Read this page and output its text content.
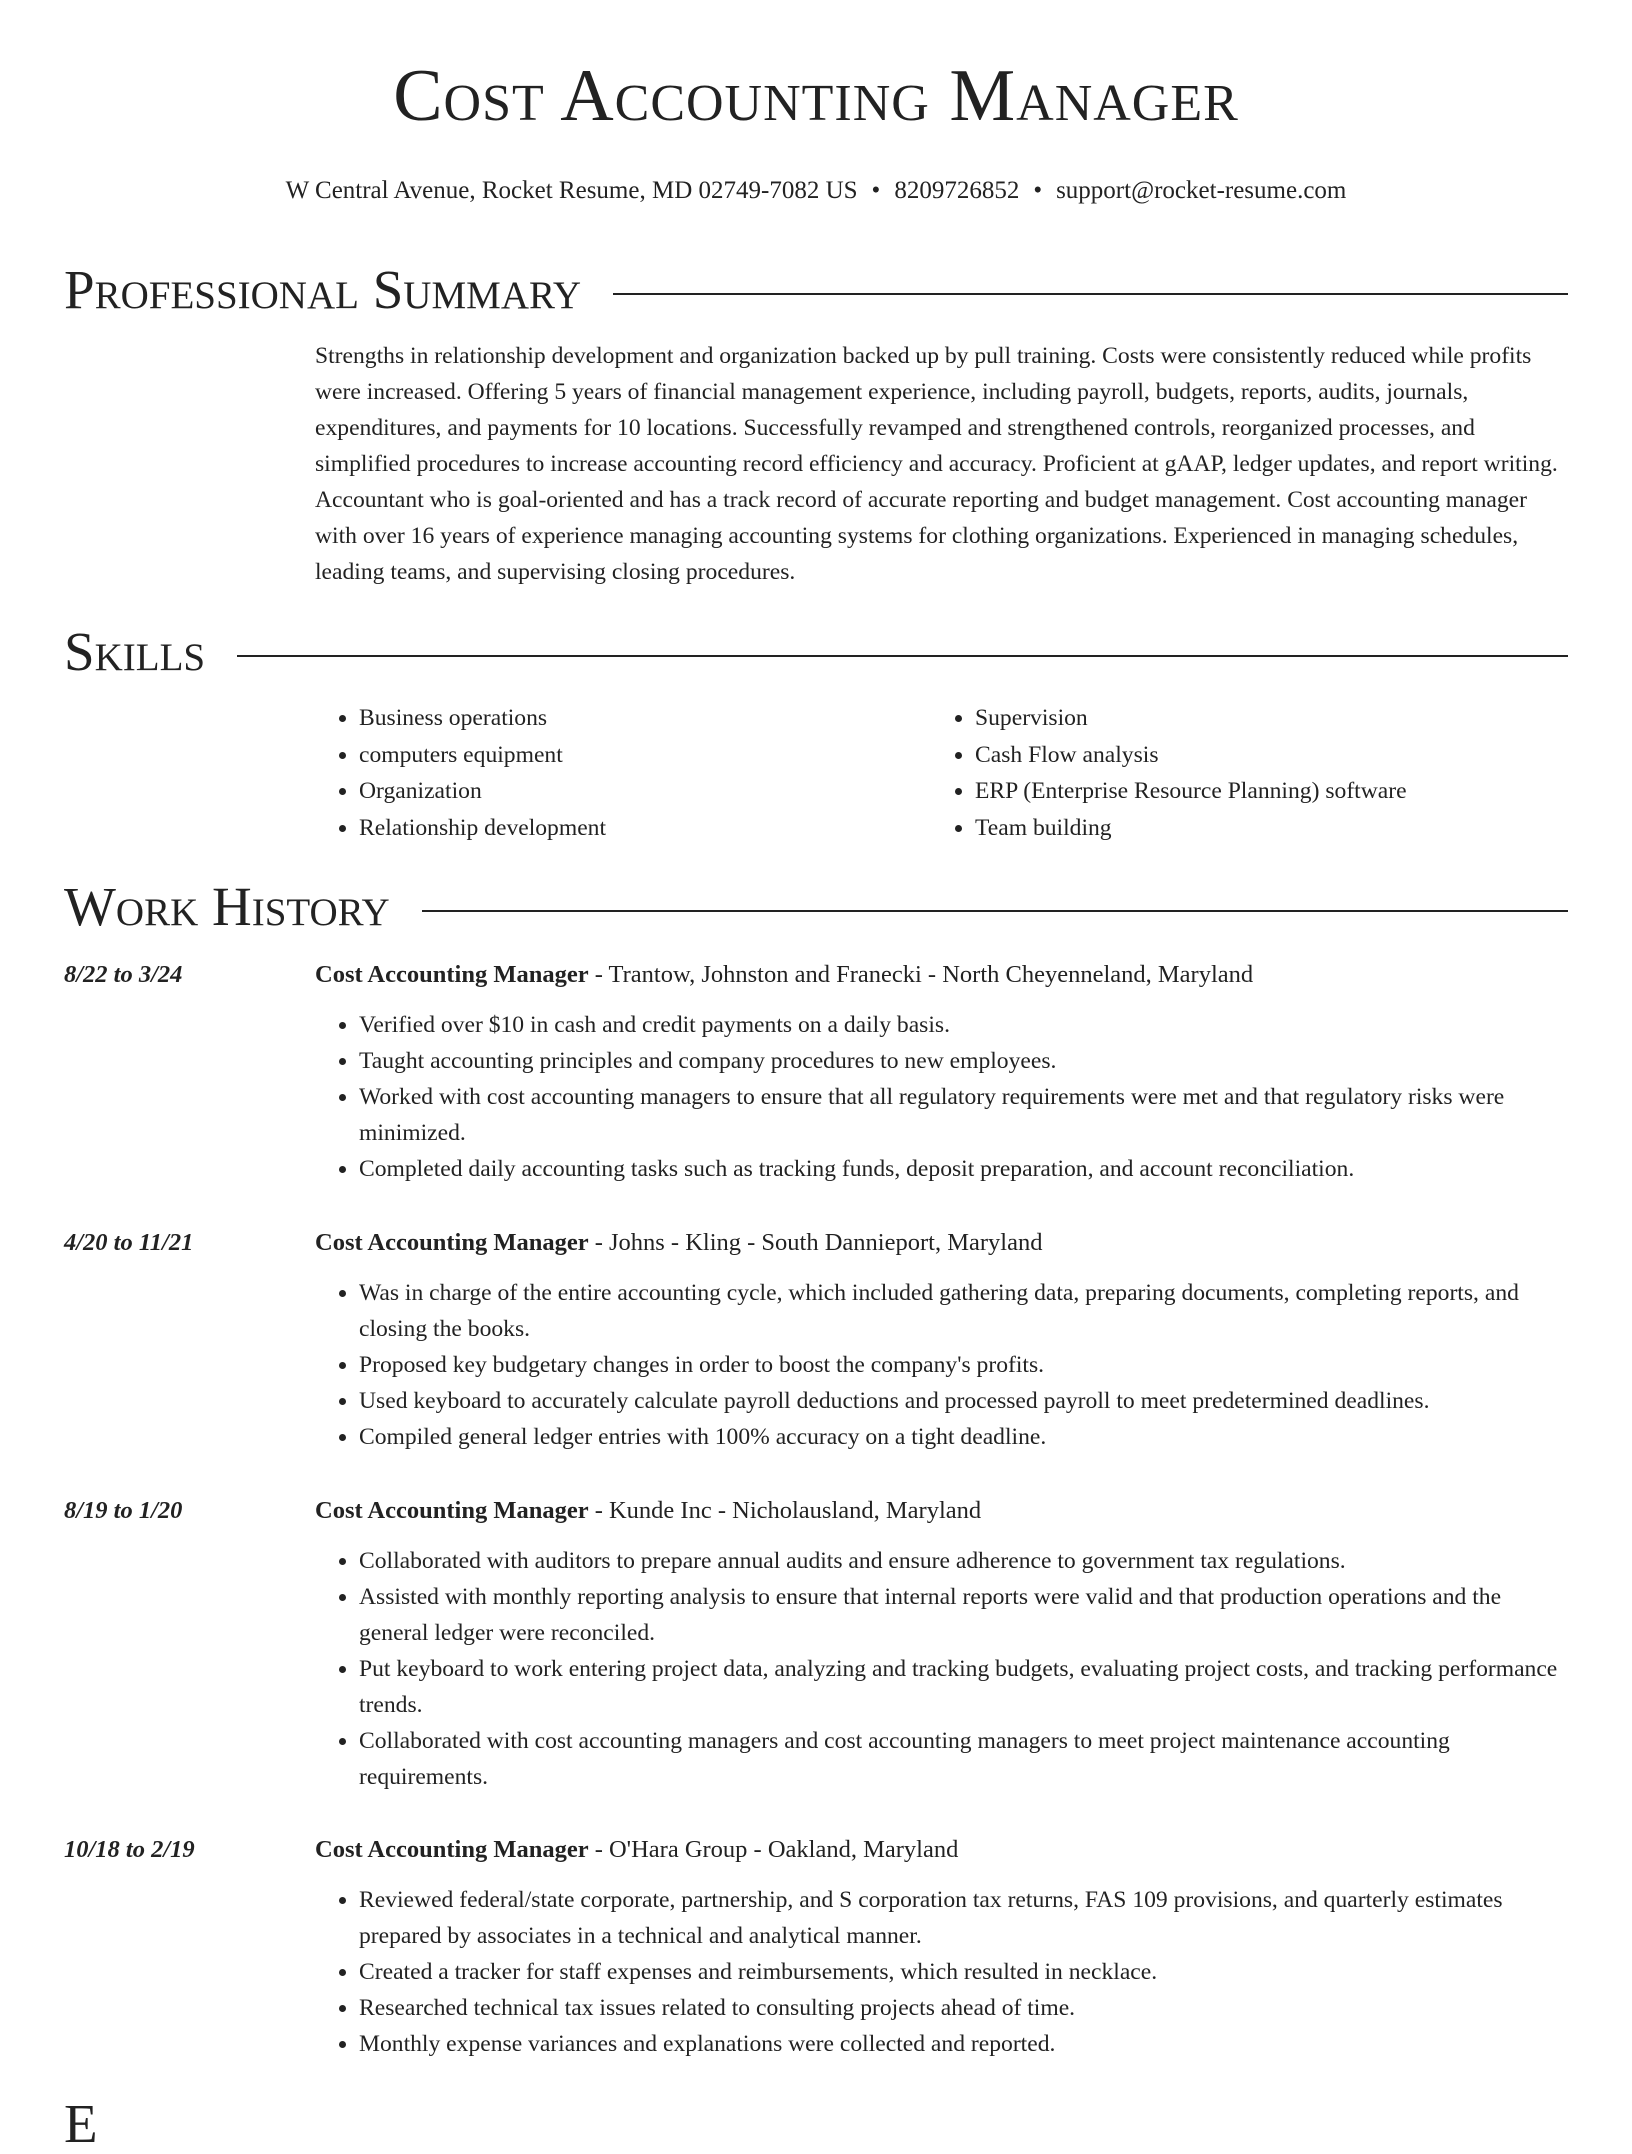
Cost Accounting Manager
W Central Avenue, Rocket Resume, MD 02749-7082 US • 8209726852 • support@rocket-resume.com
Professional Summary

Strengths in relationship development and organization backed up by pull training. Costs were consistently reduced while profits were increased. Offering 5 years of financial management experience, including payroll, budgets, reports, audits, journals, expenditures, and payments for 10 locations. Successfully revamped and strengthened controls, reorganized processes, and simplified procedures to increase accounting record efficiency and accuracy. Proficient at gAAP, ledger updates, and report writing. Accountant who is goal-oriented and has a track record of accurate reporting and budget management. Cost accounting manager with over 16 years of experience managing accounting systems for clothing organizations. Experienced in managing schedules, leading teams, and supervising closing procedures.

Skills
• Business operations
• computers equipment
• Organization
• Relationship development
• Supervision
• Cash Flow analysis
• ERP (Enterprise Resource Planning) software
• Team building
Work History
8/22 to 3/24	Cost Accounting Manager - Trantow, Johnston and Franecki - North Cheyenneland, Maryland
• Verified over $10 in cash and credit payments on a daily basis.
• Taught accounting principles and company procedures to new employees.
• Worked with cost accounting managers to ensure that all regulatory requirements were met and that regulatory risks were minimized.
• Completed daily accounting tasks such as tracking funds, deposit preparation, and account reconciliation.
4/20 to 11/21	Cost Accounting Manager - Johns - Kling - South Dannieport, Maryland
• Was in charge of the entire accounting cycle, which included gathering data, preparing documents, completing reports, and closing the books.
• Proposed key budgetary changes in order to boost the company's profits.
• Used keyboard to accurately calculate payroll deductions and processed payroll to meet predetermined deadlines.
• Compiled general ledger entries with 100% accuracy on a tight deadline.
8/19 to 1/20	Cost Accounting Manager - Kunde Inc - Nicholausland, Maryland
• Collaborated with auditors to prepare annual audits and ensure adherence to government tax regulations.
• Assisted with monthly reporting analysis to ensure that internal reports were valid and that production operations and the general ledger were reconciled.
• Put keyboard to work entering project data, analyzing and tracking budgets, evaluating project costs, and tracking performance trends.
• Collaborated with cost accounting managers and cost accounting managers to meet project maintenance accounting requirements.
10/18 to 2/19	Cost Accounting Manager - O'Hara Group - Oakland, Maryland
• Reviewed federal/state corporate, partnership, and S corporation tax returns, FAS 109 provisions, and quarterly estimates prepared by associates in a technical and analytical manner.
• Created a tracker for staff expenses and reimbursements, which resulted in necklace.
• Researched technical tax issues related to consulting projects ahead of time.
• Monthly expense variances and explanations were collected and reported.
E
